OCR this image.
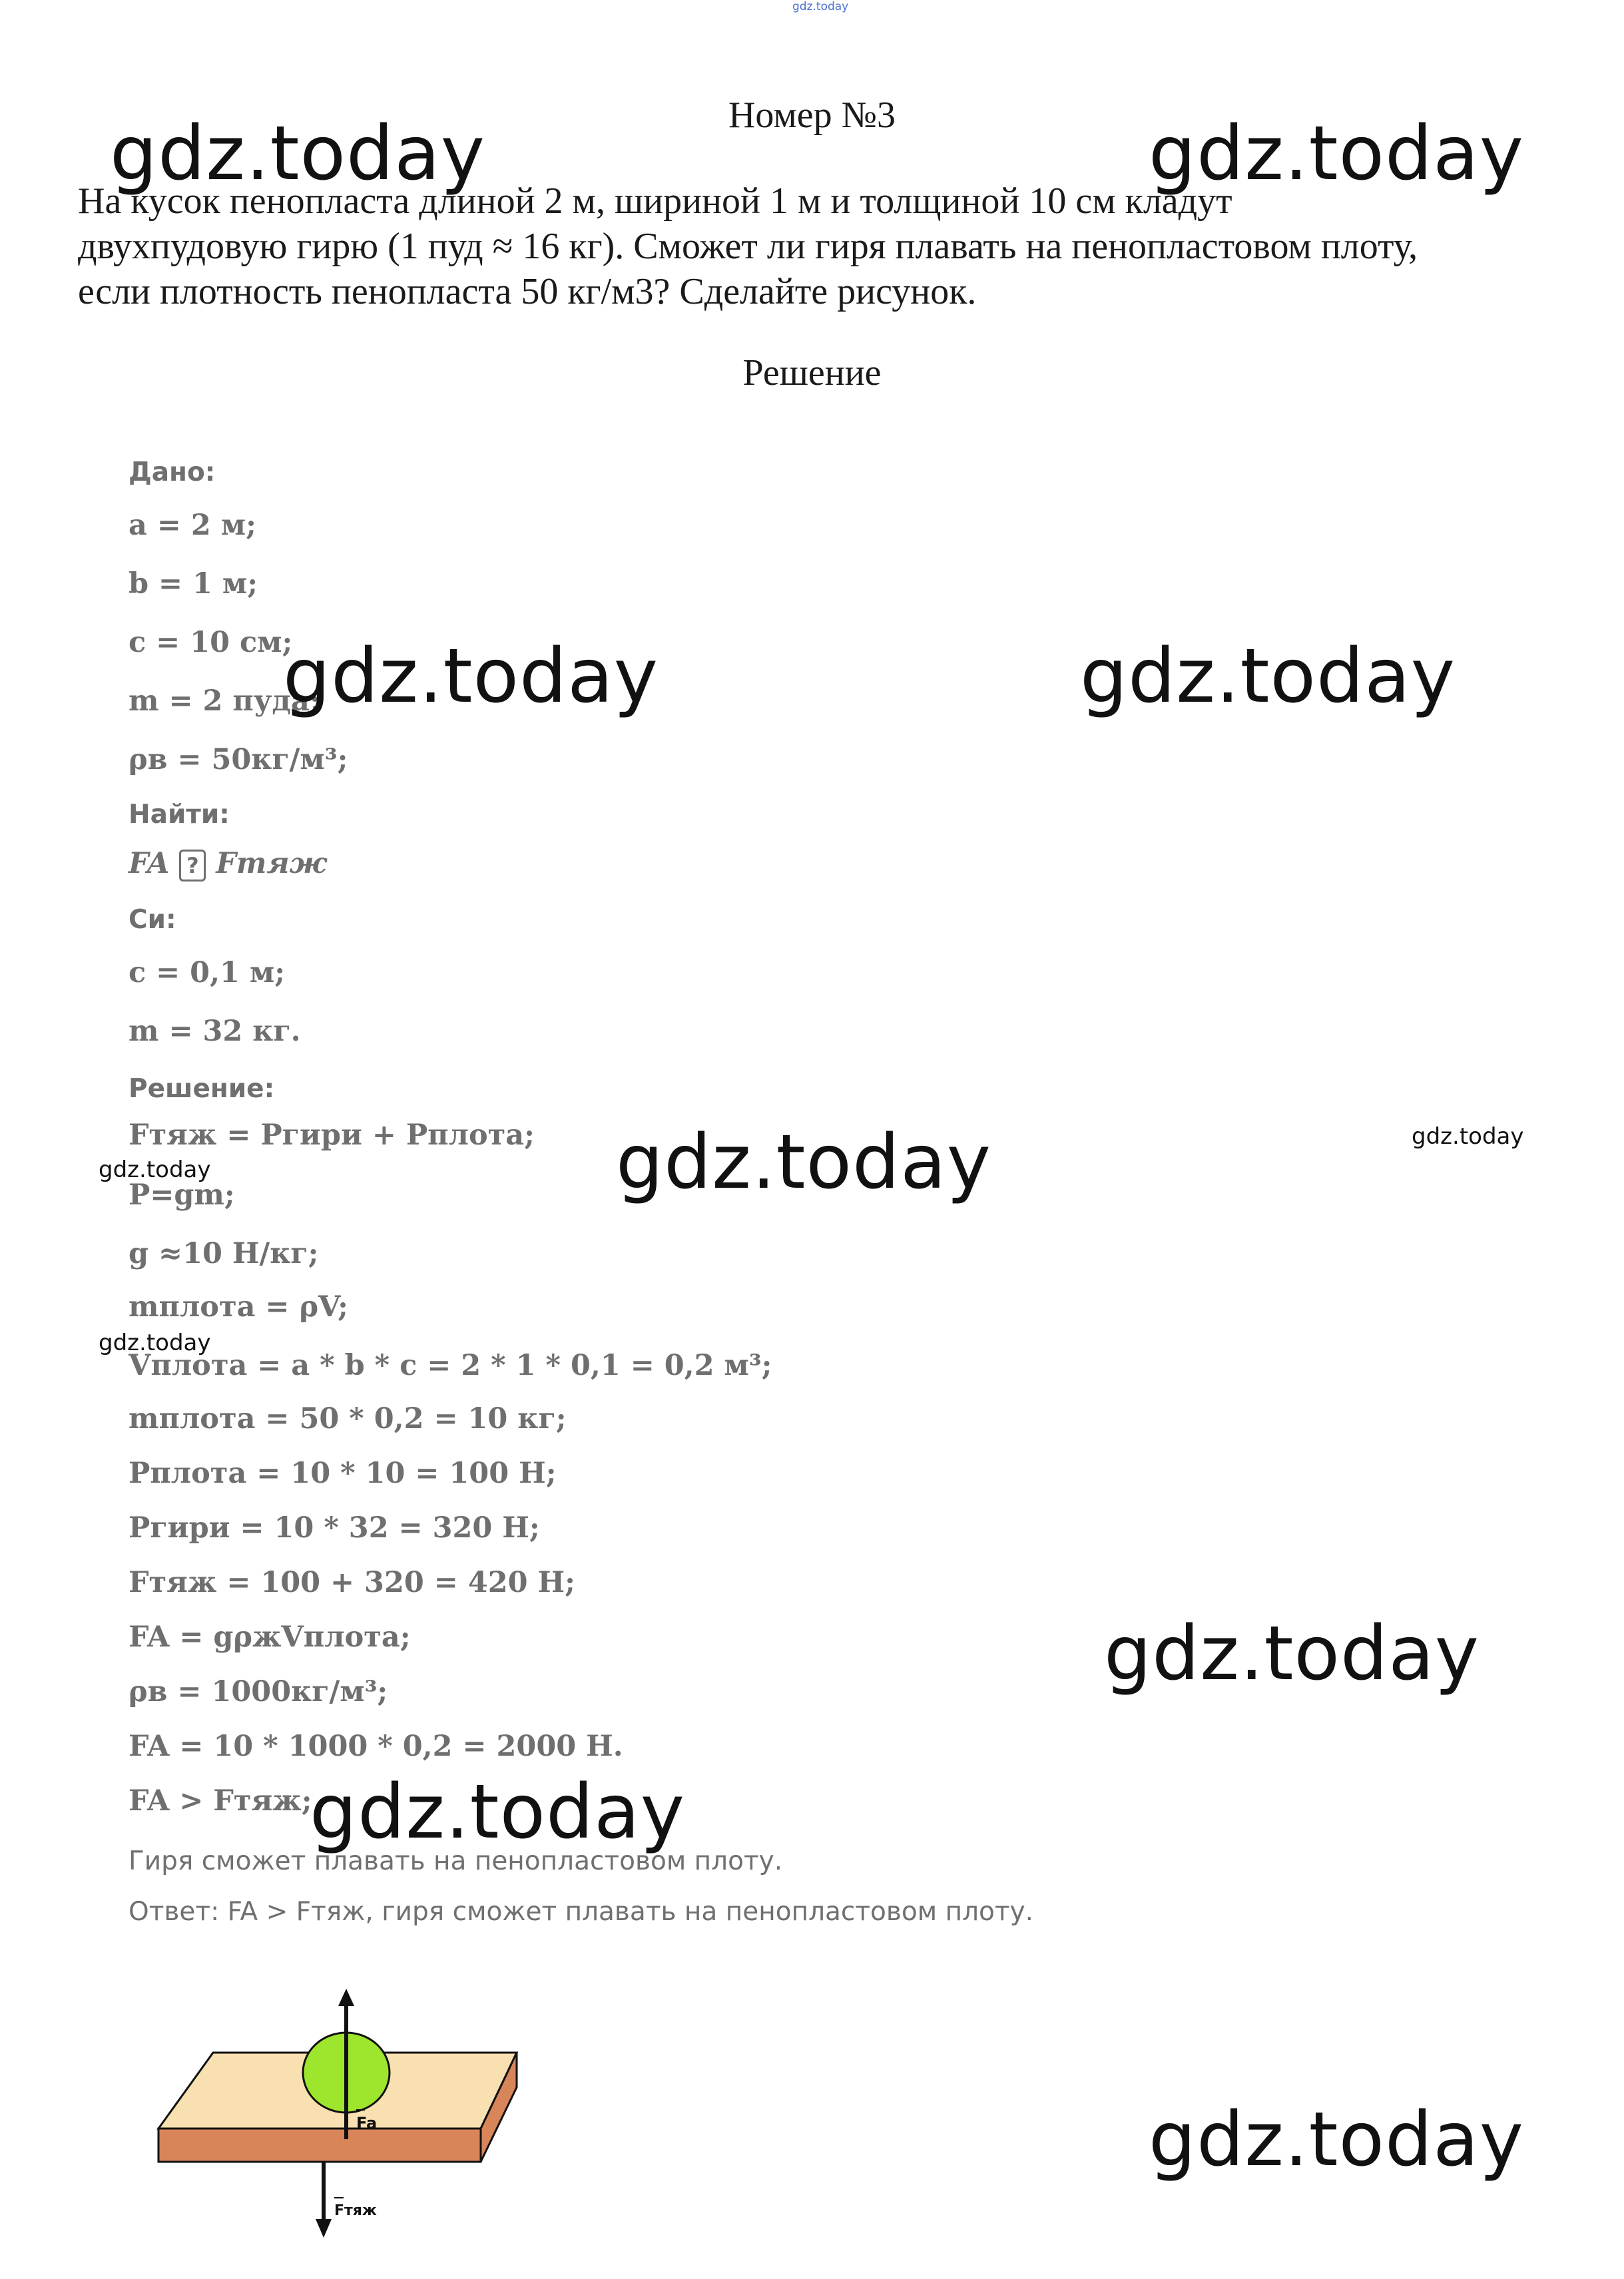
gdz.today
Номер №3
На кусок пенопласта длиной 2 м, шириной 1 м и толщиной 10 см кладут
двухпудовую гирю (1 пуд ≈ 16 кг). Сможет ли гиря плавать на пенопластовом плоту,
если плотность пенопласта 50 кг/м3? Сделайте рисунок.
Решение
Дано:
a = 2 м;
b = 1 м;
c = 10 см;
m = 2 пуда;
ρв = 50кг/м³;
Найти:
FA ? Fтяж
Си:
c = 0,1 м;
m = 32 кг.
Решение:
Fтяж = Pгири + Pплота;
P=gm;
g ≈10 Н/кг;
mплота = ρV;
Vплота = a * b * c = 2 * 1 * 0,1 = 0,2 м³;
mплота = 50 * 0,2 = 10 кг;
Pплота = 10 * 10 = 100 Н;
Pгири = 10 * 32 = 320 Н;
Fтяж = 100 + 320 = 420 Н;
FA = gρжVплота;
ρв = 1000кг/м³;
FA = 10 * 1000 * 0,2 = 2000 Н.
FA > Fтяж;
Гиря сможет плавать на пенопластовом плоту.
Ответ: FA > Fтяж, гиря сможет плавать на пенопластовом плоту.
Fa
Fтяж
gdz.today	gdz.today
gdz.today	gdz.today
gdz.today
gdz.today
gdz.today
gdz.today
gdz.today
gdz.today
gdz.today
